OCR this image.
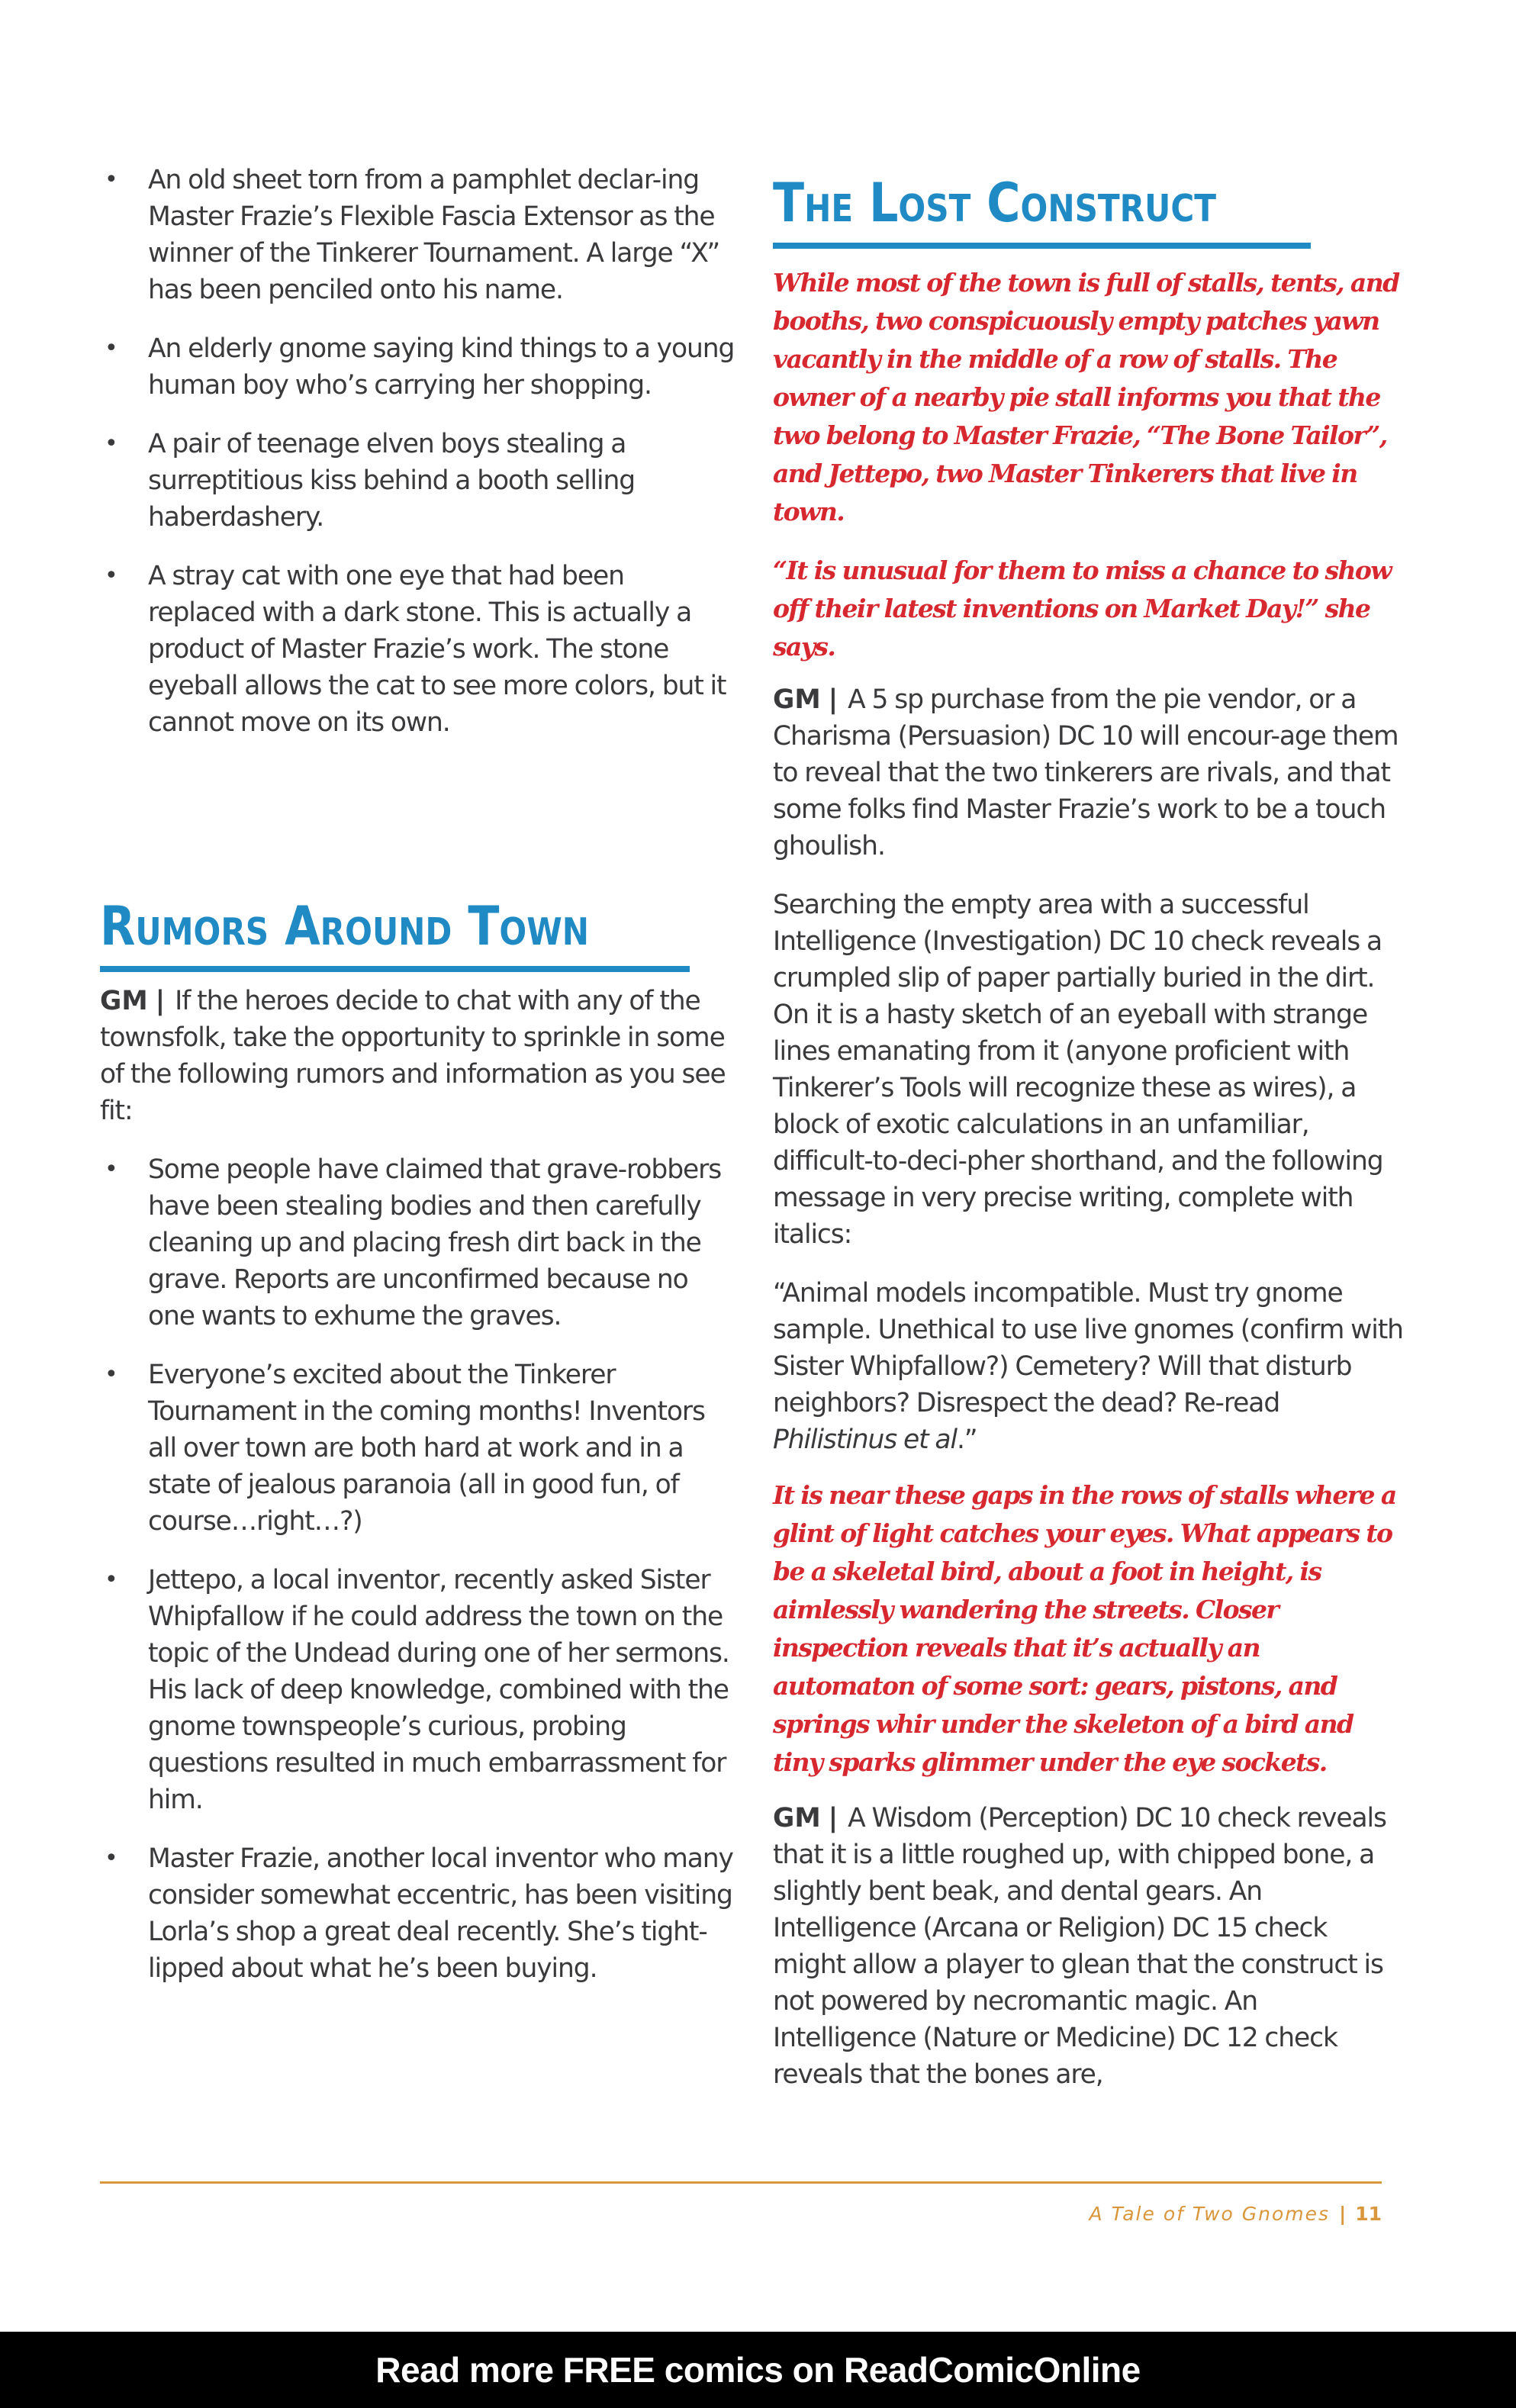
• An old sheet torn from a pamphlet declar-ing Master Frazie’s Flexible Fascia Extensor as the winner of the Tinkerer Tournament. A large “X” has been penciled onto his name.
• An elderly gnome saying kind things to a young human boy who’s carrying her shopping.
• A pair of teenage elven boys stealing a surreptitious kiss behind a booth selling haberdashery.
• A stray cat with one eye that had been replaced with a dark stone. This is actually a product of Master Frazie’s work. The stone eyeball allows the cat to see more colors, but it cannot move on its own.
Rumors Around Town

GM | If the heroes decide to chat with any of the townsfolk, take the opportunity to sprinkle in some of the following rumors and information as you see fit:

• Some people have claimed that grave-robbers have been stealing bodies and then carefully cleaning up and placing fresh dirt back in the grave. Reports are unconfirmed because no one wants to exhume the graves.
• Everyone’s excited about the Tinkerer Tournament in the coming months! Inventors all over town are both hard at work and in a state of jealous paranoia (all in good fun, of course…right…?)
• Jettepo, a local inventor, recently asked Sister Whipfallow if he could address the town on the topic of the Undead during one of her sermons. His lack of deep knowledge, combined with the gnome townspeople’s curious, probing questions resulted in much embarrassment for him.
• Master Frazie, another local inventor who many consider somewhat eccentric, has been visiting Lorla’s shop a great deal recently. She’s tight-lipped about what he’s been buying.
The Lost Construct

While most of the town is full of stalls, tents, and booths, two conspicuously empty patches yawn vacantly in the middle of a row of stalls. The owner of a nearby pie stall informs you that the two belong to Master Frazie, “The Bone Tailor”, and Jettepo, two Master Tinkerers that live in town.

“It is unusual for them to miss a chance to show off their latest inventions on Market Day!” she says.

GM | A 5 sp purchase from the pie vendor, or a Charisma (Persuasion) DC 10 will encour-age them to reveal that the two tinkerers are rivals, and that some folks find Master Frazie’s work to be a touch ghoulish.

Searching the empty area with a successful Intelligence (Investigation) DC 10 check reveals a crumpled slip of paper partially buried in the dirt. On it is a hasty sketch of an eyeball with strange lines emanating from it (anyone proficient with Tinkerer’s Tools will recognize these as wires), a block of exotic calculations in an unfamiliar, difficult-to-deci-pher shorthand, and the following message in very precise writing, complete with italics:

“Animal models incompatible. Must try gnome sample. Unethical to use live gnomes (confirm with Sister Whipfallow?) Cemetery? Will that disturb neighbors? Disrespect the dead? Re-read Philistinus et al.”

It is near these gaps in the rows of stalls where a glint of light catches your eyes. What appears to be a skeletal bird, about a foot in height, is aimlessly wandering the streets. Closer inspection reveals that it’s actually an automaton of some sort: gears, pistons, and springs whir under the skeleton of a bird and tiny sparks glimmer under the eye sockets.

GM | A Wisdom (Perception) DC 10 check reveals that it is a little roughed up, with chipped bone, a slightly bent beak, and dental gears. An Intelligence (Arcana or Religion) DC 15 check might allow a player to glean that the construct is not powered by necromantic magic. An Intelligence (Nature or Medicine) DC 12 check reveals that the bones are,

A Tale of Two Gnomes | 11
Read more FREE comics on ReadComicOnline
